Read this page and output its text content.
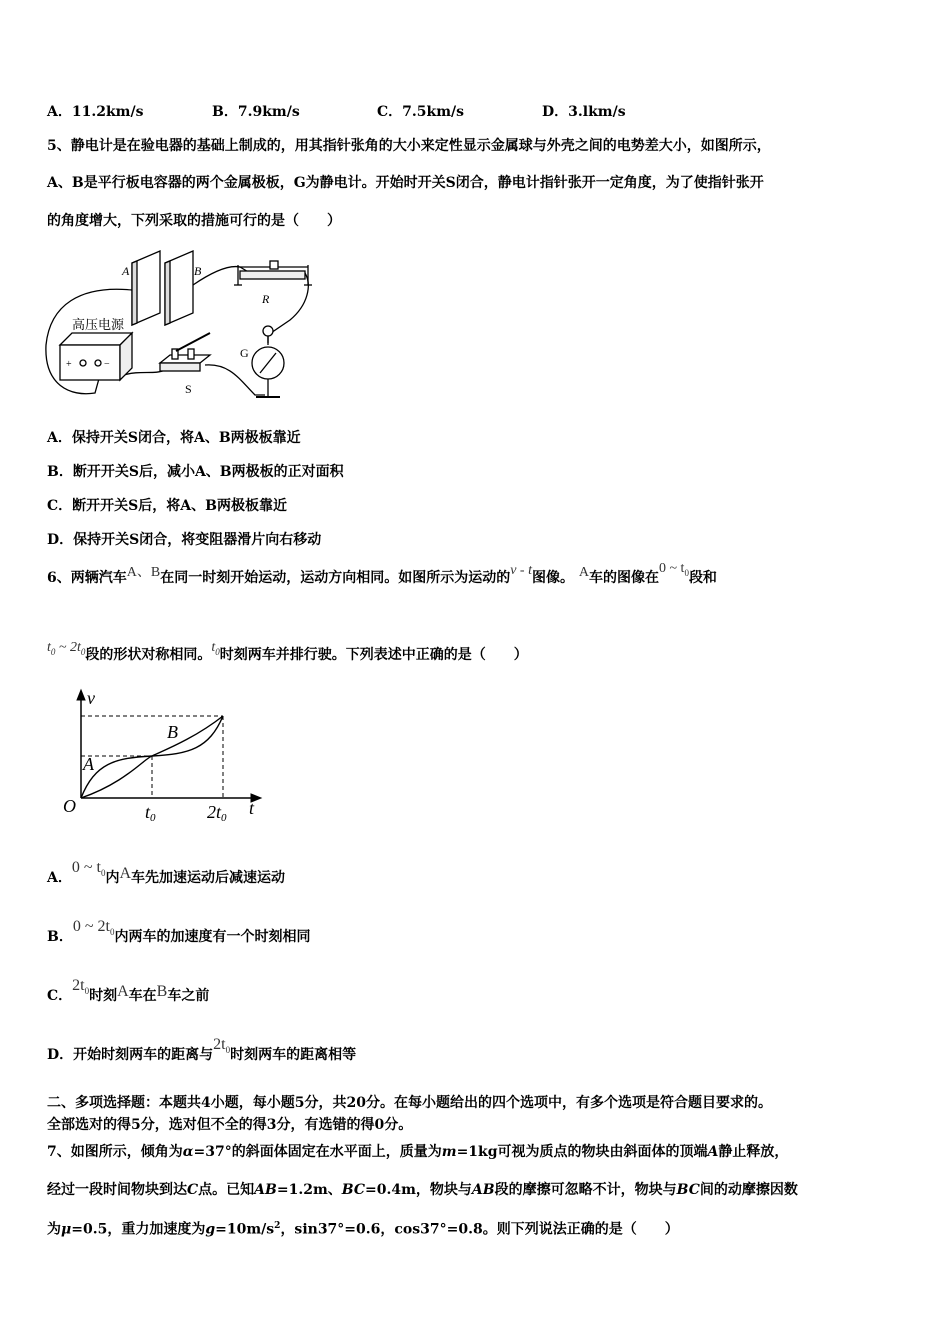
A．11.2km/s	B．7.9km/s	C．7.5km/s	D．3.lkm/s
5、静电计是在验电器的基础上制成的，用其指针张角的大小来定性显示金属球与外壳之间的电势差大小，如图所示，
A、B是平行板电容器的两个金属极板，G为静电计。开始时开关S闭合，静电计指针张开一定角度，为了使指针张开
的角度增大，下列采取的措施可行的是（　　）
A	B
R
高压电源
G
S
+	−
A．保持开关S闭合，将A、B两极板靠近
B．断开开关S后，减小A、B两极板的正对面积
C．断开开关S后，将A、B两极板靠近
D．保持开关S闭合，将变阻器滑片向右移动
6、两辆汽车A、B在同一时刻开始运动，运动方向相同。如图所示为运动的v - t图像。 A车的图像在0 ~ $t_0$段和
$t_0$ ~ $2t_0$段的形状对称相同。$t_0$时刻两车并排行驶。下列表述中正确的是（　　）
v
t
O
A
B
t0	2t0
A．0 ~ $t_0$内A车先加速运动后减速运动
B．0 ~ $2t_0$内两车的加速度有一个时刻相同
C．$2t_0$时刻A车在B车之前
D．开始时刻两车的距离与$2t_0$时刻两车的距离相等
二、多项选择题：本题共4小题，每小题5分，共20分。在每小题给出的四个选项中，有多个选项是符合题目要求的。
全部选对的得5分，选对但不全的得3分，有选错的得0分。
7、如图所示，倾角为α=37°的斜面体固定在水平面上，质量为m=1kg可视为质点的物块由斜面体的顶端A静止释放，
经过一段时间物块到达C点。已知AB=1.2m、BC=0.4m，物块与AB段的摩擦可忽略不计，物块与BC间的动摩擦因数
为μ=0.5，重力加速度为$g=10m/s^2$，sin37°=0.6，cos37°=0.8。则下列说法正确的是（　　）
